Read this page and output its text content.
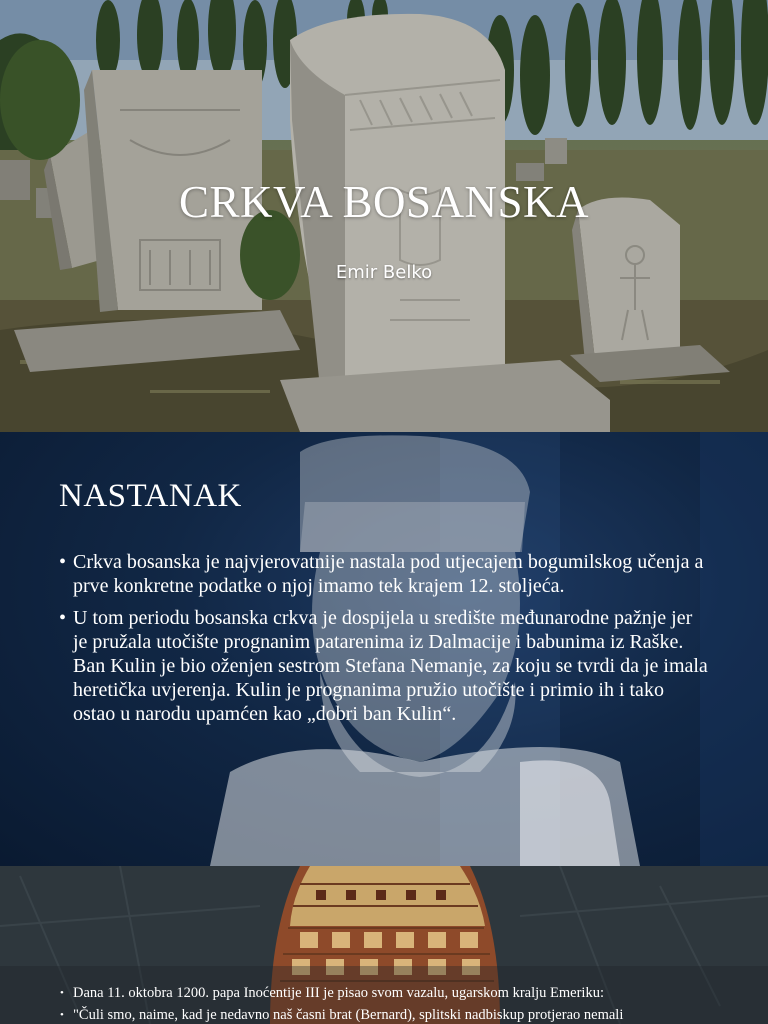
CRKVA BOSANSKA
Emir Belko
NASTANAK
• Crkva bosanska je najvjerovatnije nastala pod utjecajem bogumilskog učenja a prve konkretne podatke o njoj imamo tek krajem 12. stoljeća.
• U tom periodu bosanska crkva je dospijela u središte međunarodne pažnje jer je pružala utočište prognanim patarenima iz Dalmacije i babunima iz Raške. Ban Kulin je bio oženjen sestrom Stefana Nemanje, za koju se tvrdi da je imala heretička uvjerenja. Kulin je prognanima pružio utočište i primio ih i tako ostao u narodu upamćen kao „dobri ban Kulin“.
• Dana 11. oktobra 1200. papa Inoćentije III je pisao svom vazalu, ugarskom kralju Emeriku:
• "Čuli smo, naime, kad je nedavno naš časni brat (Bernard), splitski nadbiskup protjerao nemali
